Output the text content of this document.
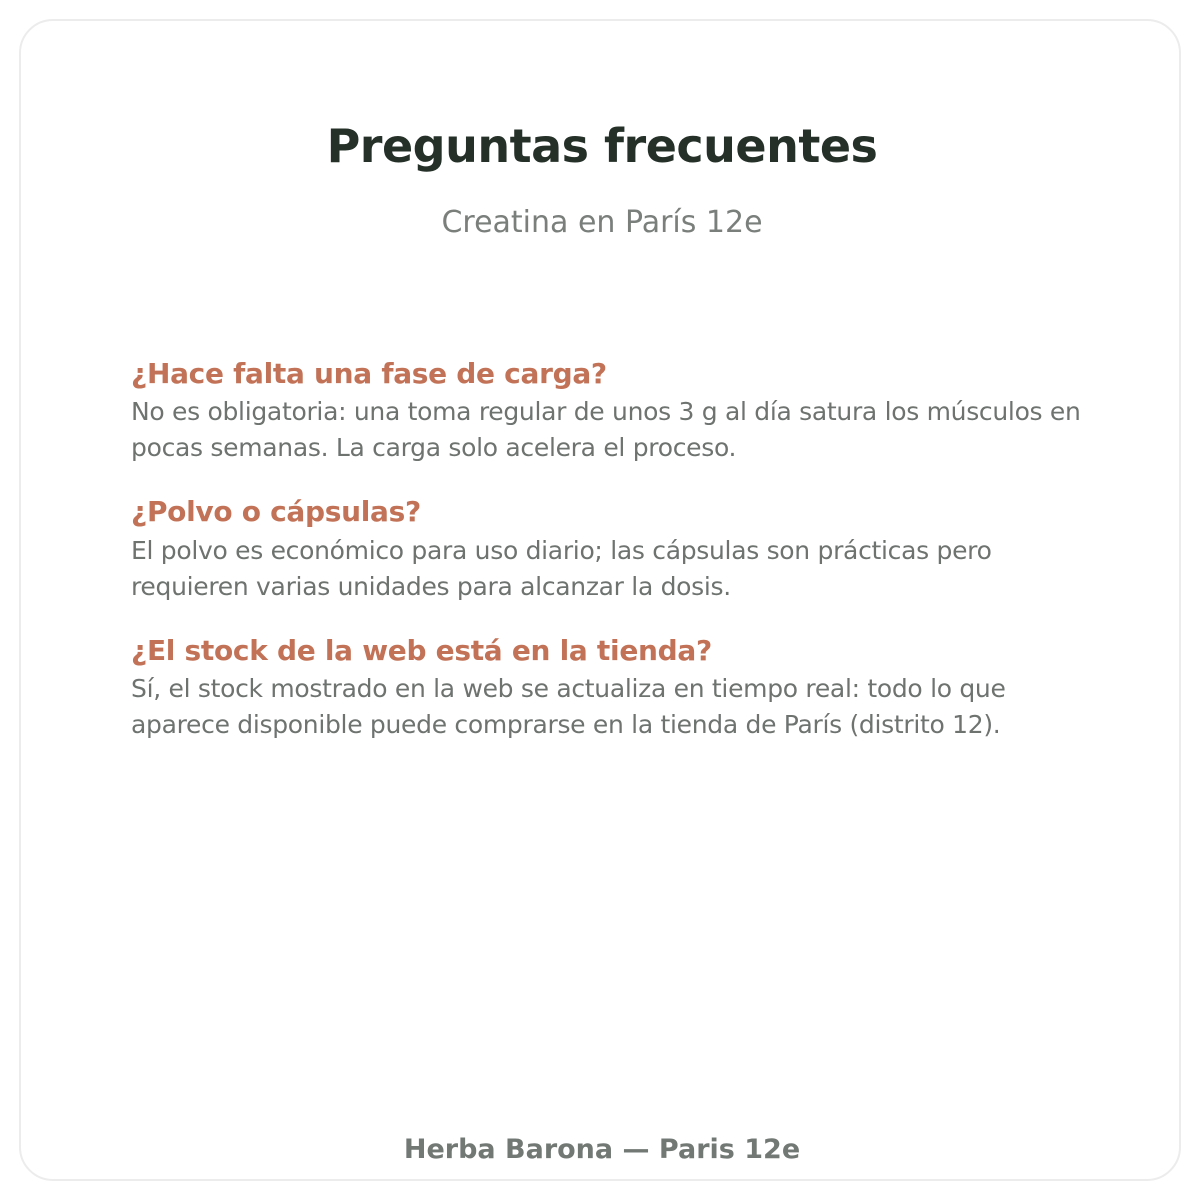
Preguntas frecuentes
Creatina en París 12e
¿Hace falta una fase de carga?

No es obligatoria: una toma regular de unos 3 g al día satura los músculos en pocas semanas. La carga solo acelera el proceso.

¿Polvo o cápsulas?

El polvo es económico para uso diario; las cápsulas son prácticas pero requieren varias unidades para alcanzar la dosis.

¿El stock de la web está en la tienda?

Sí, el stock mostrado en la web se actualiza en tiempo real: todo lo que aparece disponible puede comprarse en la tienda de París (distrito 12).

Herba Barona — Paris 12e
